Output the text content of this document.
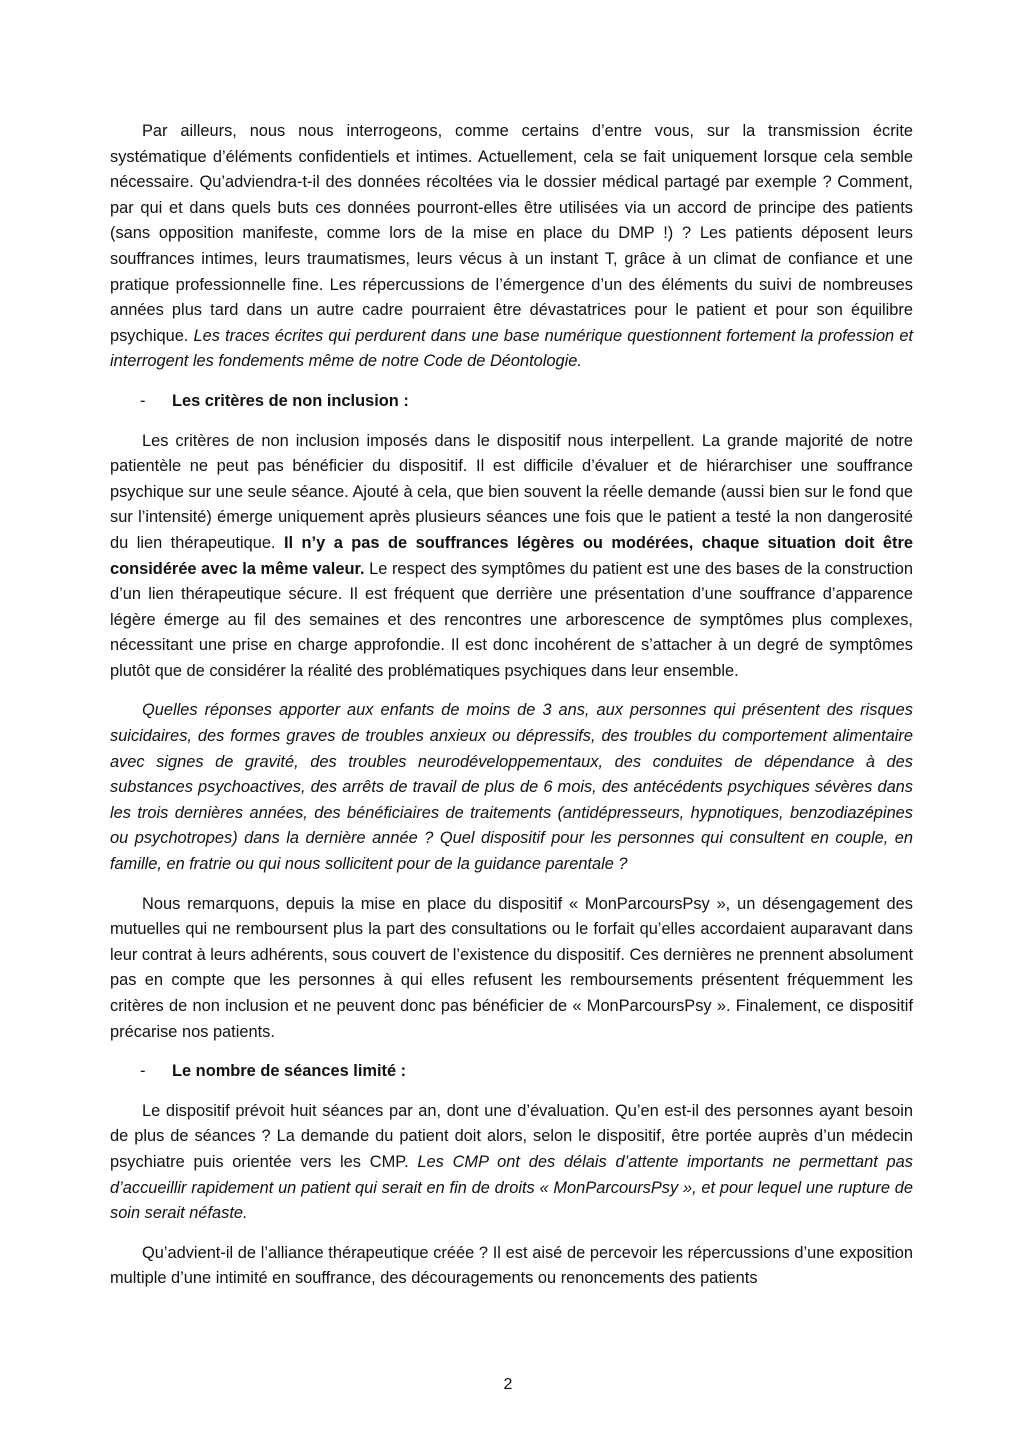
Par ailleurs, nous nous interrogeons, comme certains d’entre vous, sur la transmission écrite systématique d’éléments confidentiels et intimes. Actuellement, cela se fait uniquement lorsque cela semble nécessaire. Qu’adviendra-t-il des données récoltées via le dossier médical partagé par exemple ? Comment, par qui et dans quels buts ces données pourront-elles être utilisées via un accord de principe des patients (sans opposition manifeste, comme lors de la mise en place du DMP !) ? Les patients déposent leurs souffrances intimes, leurs traumatismes, leurs vécus à un instant T, grâce à un climat de confiance et une pratique professionnelle fine. Les répercussions de l’émergence d’un des éléments du suivi de nombreuses années plus tard dans un autre cadre pourraient être dévastatrices pour le patient et pour son équilibre psychique. Les traces écrites qui perdurent dans une base numérique questionnent fortement la profession et interrogent les fondements même de notre Code de Déontologie.

- Les critères de non inclusion :

Les critères de non inclusion imposés dans le dispositif nous interpellent. La grande majorité de notre patientèle ne peut pas bénéficier du dispositif. Il est difficile d’évaluer et de hiérarchiser une souffrance psychique sur une seule séance. Ajouté à cela, que bien souvent la réelle demande (aussi bien sur le fond que sur l’intensité) émerge uniquement après plusieurs séances une fois que le patient a testé la non dangerosité du lien thérapeutique. Il n’y a pas de souffrances légères ou modérées, chaque situation doit être considérée avec la même valeur. Le respect des symptômes du patient est une des bases de la construction d’un lien thérapeutique sécure. Il est fréquent que derrière une présentation d’une souffrance d’apparence légère émerge au fil des semaines et des rencontres une arborescence de symptômes plus complexes, nécessitant une prise en charge approfondie. Il est donc incohérent de s’attacher à un degré de symptômes plutôt que de considérer la réalité des problématiques psychiques dans leur ensemble.

Quelles réponses apporter aux enfants de moins de 3 ans, aux personnes qui présentent des risques suicidaires, des formes graves de troubles anxieux ou dépressifs, des troubles du comportement alimentaire avec signes de gravité, des troubles neurodéveloppementaux, des conduites de dépendance à des substances psychoactives, des arrêts de travail de plus de 6 mois, des antécédents psychiques sévères dans les trois dernières années, des bénéficiaires de traitements (antidépresseurs, hypnotiques, benzodiazépines ou psychotropes) dans la dernière année ? Quel dispositif pour les personnes qui consultent en couple, en famille, en fratrie ou qui nous sollicitent pour de la guidance parentale ?

Nous remarquons, depuis la mise en place du dispositif « MonParcoursPsy », un désengagement des mutuelles qui ne remboursent plus la part des consultations ou le forfait qu’elles accordaient auparavant dans leur contrat à leurs adhérents, sous couvert de l’existence du dispositif. Ces dernières ne prennent absolument pas en compte que les personnes à qui elles refusent les remboursements présentent fréquemment les critères de non inclusion et ne peuvent donc pas bénéficier de « MonParcoursPsy ». Finalement, ce dispositif précarise nos patients.

- Le nombre de séances limité :

Le dispositif prévoit huit séances par an, dont une d’évaluation. Qu’en est-il des personnes ayant besoin de plus de séances ? La demande du patient doit alors, selon le dispositif, être portée auprès d’un médecin psychiatre puis orientée vers les CMP. Les CMP ont des délais d’attente importants ne permettant pas d’accueillir rapidement un patient qui serait en fin de droits « MonParcoursPsy », et pour lequel une rupture de soin serait néfaste.

Qu’advient-il de l’alliance thérapeutique créée ? Il est aisé de percevoir les répercussions d’une exposition multiple d’une intimité en souffrance, des découragements ou renoncements des patients

2
